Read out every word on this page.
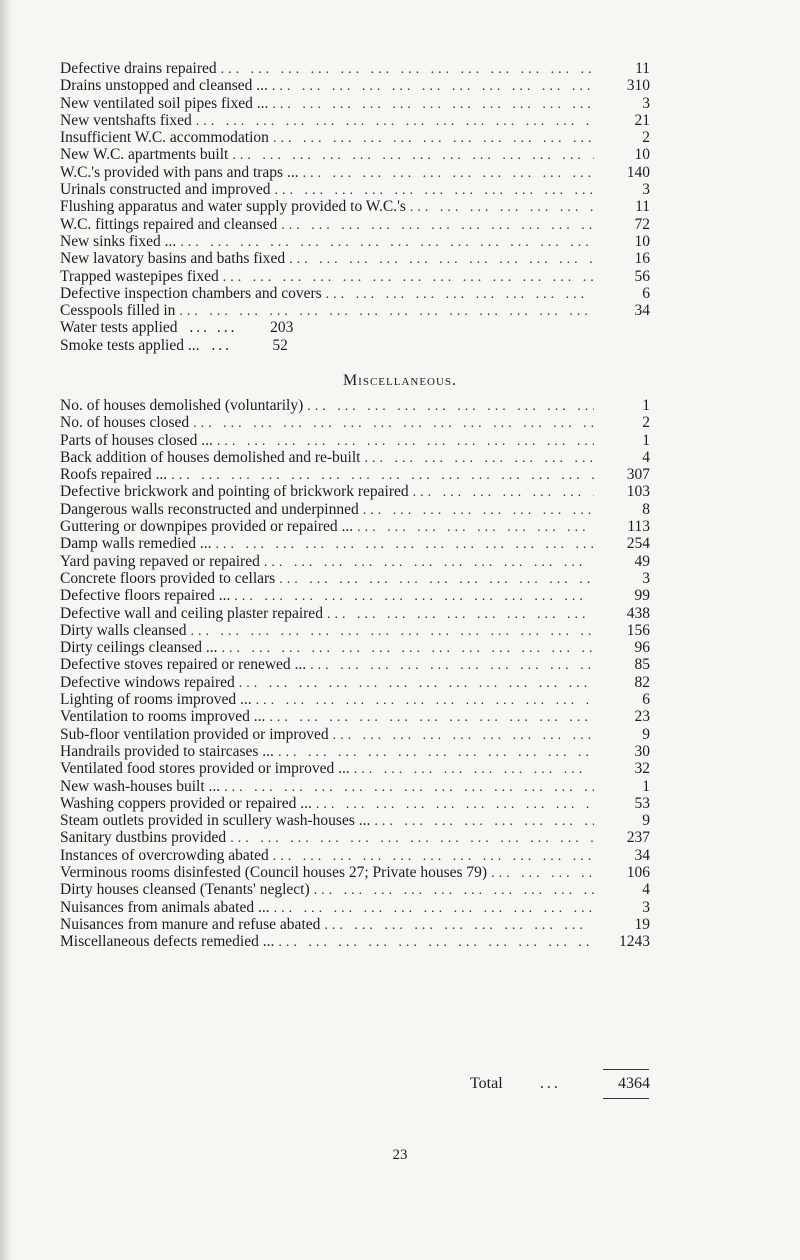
Defective drains repaired ... .	11
Drains unstopped and cleansed ... ... .	310
New ventilated soil pipes fixed ... ... .	3
New ventshafts fixed ... .	21
Insufficient W.C. accommodation ... .	2
New W.C. apartments built ... .	10
W.C.'s provided with pans and traps ... ... .	140
Urinals constructed and improved ... .	3
Flushing apparatus and water supply provided to W.C.'s ... .	11
W.C. fittings repaired and cleansed ... .	72
New sinks fixed ... ... .	10
New lavatory basins and baths fixed ... .	16
Trapped wastepipes fixed ... .	56
Defective inspection chambers and covers ... .	6
Cesspools filled in ... .	34
Water tests applied ... ... 203
Smoke tests applied ... ...	52
Miscellaneous.
No. of houses demolished (voluntarily) ... .	1
No. of houses closed ... .	2
Parts of houses closed ... ... .	1
Back addition of houses demolished and re-built ... .	4
Roofs repaired ... ... .	307
Defective brickwork and pointing of brickwork repaired ... .	103
Dangerous walls reconstructed and underpinned ... .	8
Guttering or downpipes provided or repaired ... ... .	113
Damp walls remedied ... ... .	254
Yard paving repaved or repaired ... .	49
Concrete floors provided to cellars ... .	3
Defective floors repaired ... ... .	99
Defective wall and ceiling plaster repaired ... .	438
Dirty walls cleansed ... .	156
Dirty ceilings cleansed ... ... .	96
Defective stoves repaired or renewed ... ... .	85
Defective windows repaired ... .	82
Lighting of rooms improved ... ... .	6
Ventilation to rooms improved ... ... .	23
Sub-floor ventilation provided or improved ... .	9
Handrails provided to staircases ... ... .	30
Ventilated food stores provided or improved ... ... .	32
New wash-houses built ... ... .	1
Washing coppers provided or repaired ... ... .	53
Steam outlets provided in scullery wash-houses ... ... .	9
Sanitary dustbins provided ... .	237
Instances of overcrowding abated ... .	34
Verminous rooms disinfested (Council houses 27; Private houses 79) ... .	106
Dirty houses cleansed (Tenants' neglect) ... .	4
Nuisances from animals abated ... ... .	3
Nuisances from manure and refuse abated ... .	19
Miscellaneous defects remedied ... ... .	1243
Total	...	4364
23
